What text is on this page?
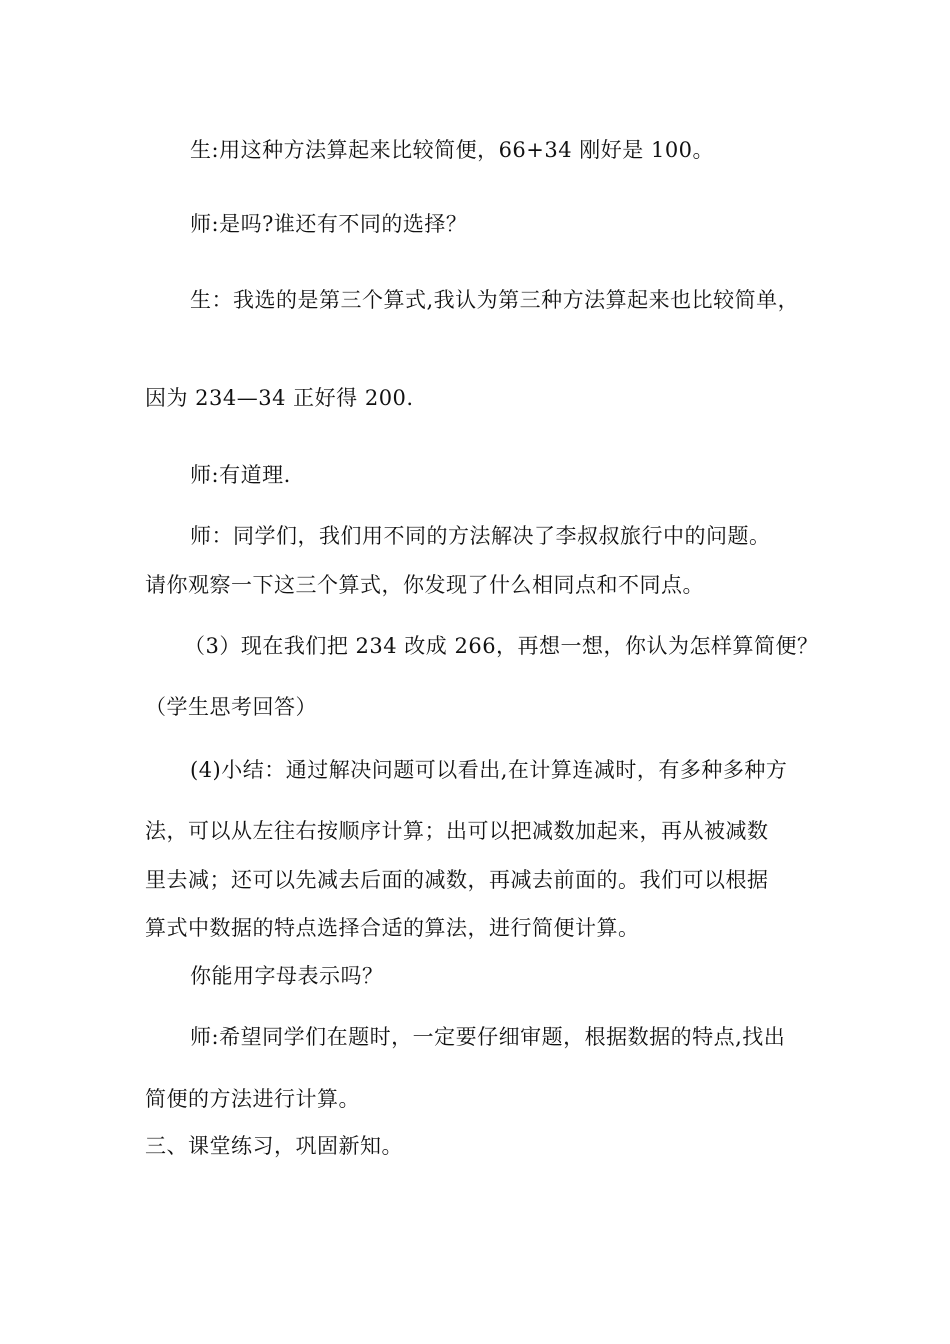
生:用这种方法算起来比较简便，66+34 刚好是 100。
师:是吗?谁还有不同的选择？
生：我选的是第三个算式,我认为第三种方法算起来也比较简单，
因为 234—34 正好得 200.
师:有道理.
师：同学们，我们用不同的方法解决了李叔叔旅行中的问题。
请你观察一下这三个算式，你发现了什么相同点和不同点。
（3）现在我们把 234 改成 266，再想一想，你认为怎样算简便？
（学生思考回答）
(4)小结：通过解决问题可以看出,在计算连减时，有多种多种方
法，可以从左往右按顺序计算；出可以把减数加起来，再从被减数
里去减；还可以先减去后面的减数，再减去前面的。我们可以根据
算式中数据的特点选择合适的算法，进行简便计算。
你能用字母表示吗？
师:希望同学们在题时，一定要仔细审题，根据数据的特点,找出
简便的方法进行计算。
三、课堂练习，巩固新知。
